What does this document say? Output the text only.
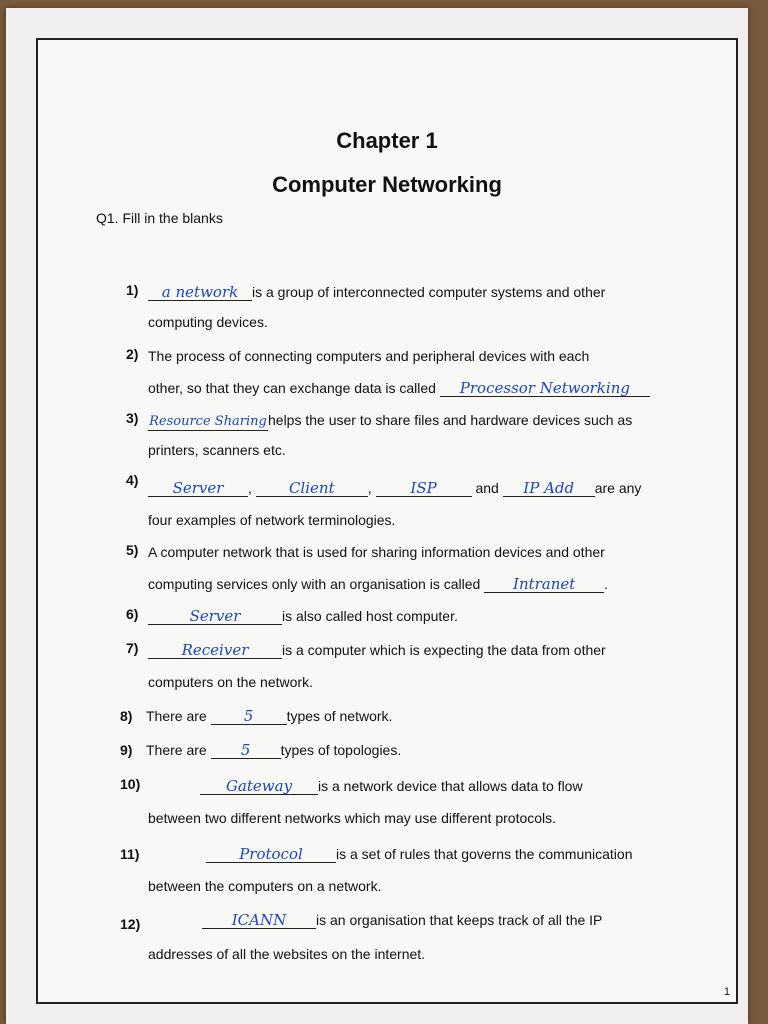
Chapter 1
Computer Networking
Q1. Fill in the blanks
1)	a network is a group of interconnected computer systems and other
computing devices.
2) The process of connecting computers and peripheral devices with each
other, so that they can exchange data is called Processor Networking
3) Resource Sharinghelps the user to share files and hardware devices such as
printers, scanners etc.
4)	Server , Client , ISP	and IP Add are any
four examples of network terminologies.
5) A computer network that is used for sharing information devices and other
computing services only with an organisation is called Intranet .
6)	Server	is also called host computer.
7)	Receiver is a computer which is expecting the data from other
computers on the network.
8) There are 5 types of network.
9) There are 5 types of topologies.
10)	Gateway is a network device that allows data to flow
between two different networks which may use different protocols.
11)	Protocol is a set of rules that governs the communication
between the computers on a network.
12)	ICANN is an organisation that keeps track of all the IP
addresses of all the websites on the internet.
1
